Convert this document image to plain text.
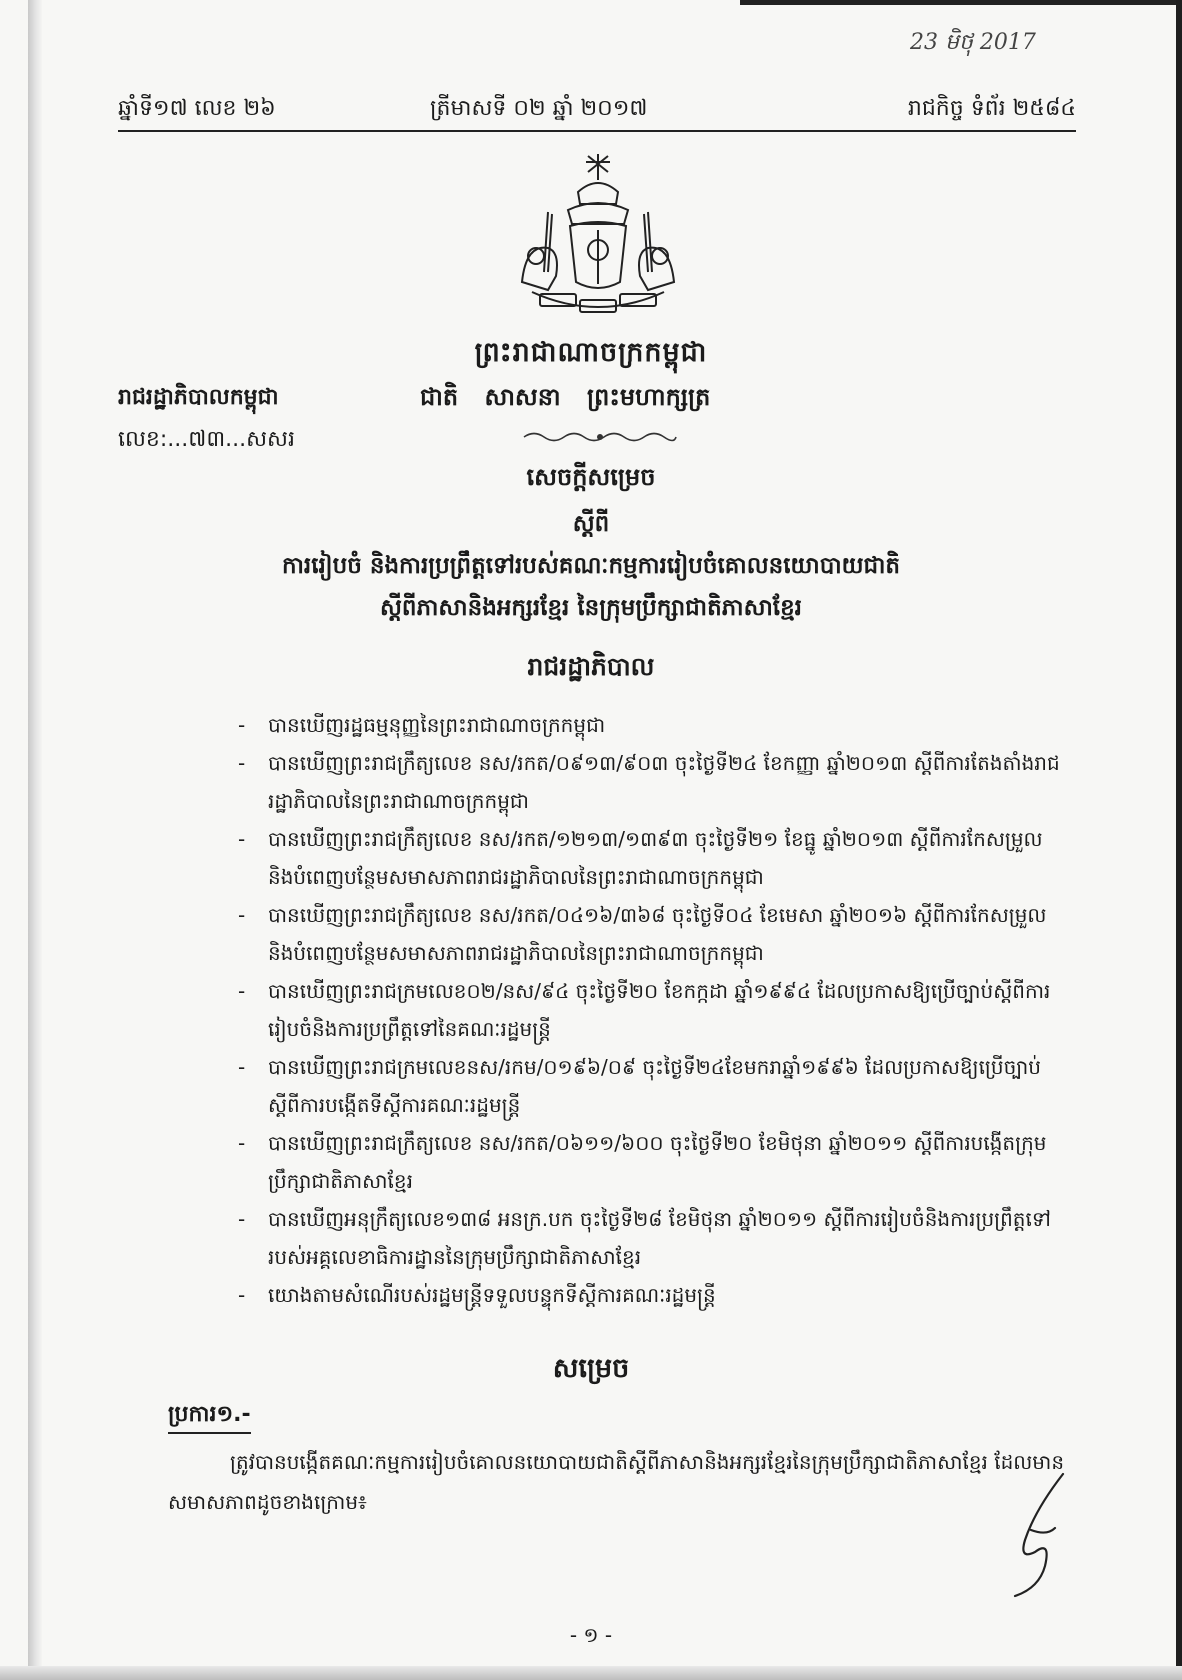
23 មិថុ 2017
ឆ្នាំទី១៧ លេខ ២៦	ត្រីមាសទី ០២ ឆ្នាំ ២០១៧	រាជកិច្ច ទំព័រ ២៥៨៤
ព្រះរាជាណាចក្រកម្ពុជា
រាជរដ្ឋាភិបាលកម្ពុជា	ជាតិ សាសនា ព្រះមហាក្សត្រ
លេខ:...៧៣...សសរ
សេចក្តីសម្រេច
ស្តីពី
ការរៀបចំ និងការប្រព្រឹត្តទៅរបស់គណៈកម្មការរៀបចំគោលនយោបាយជាតិ
ស្តីពីភាសានិងអក្សរខ្មែរ នៃក្រុមប្រឹក្សាជាតិភាសាខ្មែរ
រាជរដ្ឋាភិបាល
- បានឃើញរដ្ឋធម្មនុញ្ញនៃព្រះរាជាណាចក្រកម្ពុជា
- បានឃើញព្រះរាជក្រឹត្យលេខ នស/រកត/០៩១៣/៩០៣ ចុះថ្ងៃទី២៤ ខែកញ្ញា ឆ្នាំ២០១៣ ស្តីពីការតែងតាំងរាជរដ្ឋាភិបាលនៃព្រះរាជាណាចក្រកម្ពុជា
- បានឃើញព្រះរាជក្រឹត្យលេខ នស/រកត/១២១៣/១៣៩៣ ចុះថ្ងៃទី២១ ខែធ្នូ ឆ្នាំ២០១៣ ស្តីពីការកែសម្រួល និងបំពេញបន្ថែមសមាសភាពរាជរដ្ឋាភិបាលនៃព្រះរាជាណាចក្រកម្ពុជា
- បានឃើញព្រះរាជក្រឹត្យលេខ នស/រកត/០៤១៦/៣៦៨ ចុះថ្ងៃទី០៤ ខែមេសា ឆ្នាំ២០១៦ ស្តីពីការកែសម្រួល និងបំពេញបន្ថែមសមាសភាពរាជរដ្ឋាភិបាលនៃព្រះរាជាណាចក្រកម្ពុជា
- បានឃើញព្រះរាជក្រមលេខ០២/នស/៩៤ ចុះថ្ងៃទី២០ ខែកក្កដា ឆ្នាំ១៩៩៤ ដែលប្រកាសឱ្យប្រើច្បាប់ស្តីពីការរៀបចំនិងការប្រព្រឹត្តទៅនៃគណៈរដ្ឋមន្ត្រី
- បានឃើញព្រះរាជក្រមលេខនស/រកម/០១៩៦/០៩ ចុះថ្ងៃទី២៤ខែមករាឆ្នាំ១៩៩៦ ដែលប្រកាសឱ្យប្រើច្បាប់ស្តីពីការបង្កើតទីស្តីការគណៈរដ្ឋមន្ត្រី
- បានឃើញព្រះរាជក្រឹត្យលេខ នស/រកត/០៦១១/៦០០ ចុះថ្ងៃទី២០ ខែមិថុនា ឆ្នាំ២០១១ ស្តីពីការបង្កើតក្រុមប្រឹក្សាជាតិភាសាខ្មែរ
- បានឃើញអនុក្រឹត្យលេខ១៣៨ អនក្រ.បក ចុះថ្ងៃទី២៨ ខែមិថុនា ឆ្នាំ២០១១ ស្តីពីការរៀបចំនិងការប្រព្រឹត្តទៅរបស់អគ្គលេខាធិការដ្ឋាននៃក្រុមប្រឹក្សាជាតិភាសាខ្មែរ
- យោងតាមសំណើរបស់រដ្ឋមន្ត្រីទទួលបន្ទុកទីស្តីការគណៈរដ្ឋមន្ត្រី
សម្រេច
ប្រការ១.-
ត្រូវបានបង្កើតគណៈកម្មការរៀបចំគោលនយោបាយជាតិស្តីពីភាសានិងអក្សរខ្មែរនៃក្រុមប្រឹក្សាជាតិភាសាខ្មែរ ដែលមានសមាសភាពដូចខាងក្រោម៖
- ១ -
